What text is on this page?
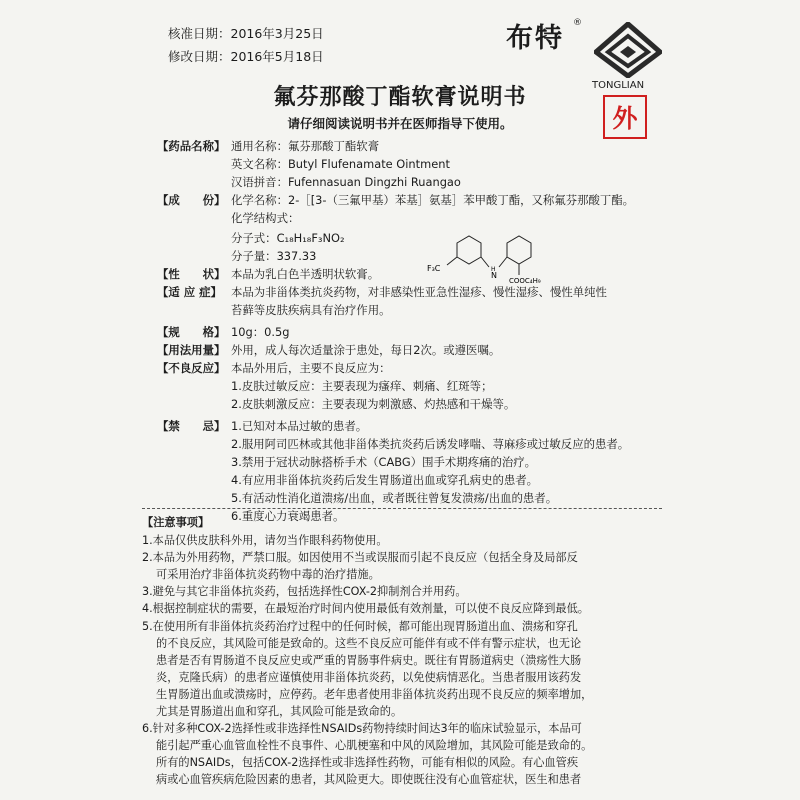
核准日期：2016年3月25日
修改日期：2016年5月18日
布特 ®
TONGLIAN
外
氟芬那酸丁酯软膏说明书
请仔细阅读说明书并在医师指导下使用。
【药品名称】 通用名称：氟芬那酸丁酯软膏
英文名称：Butyl Flufenamate Ointment
汉语拼音：Fufennasuan Dingzhi Ruangao
【成　　份】 化学名称：2-［[3-（三氟甲基）苯基］氨基］苯甲酸丁酯，又称氟芬那酸丁酯。
化学结构式：
分子式：C₁₈H₁₈F₃NO₂
分子量：337.33
F₃C	H
N
COOC₄H₉
【性　　状】 本品为乳白色半透明状软膏。
【适 应 症】 本品为非甾体类抗炎药物，对非感染性亚急性湿疹、慢性湿疹、慢性单纯性
苔藓等皮肤疾病具有治疗作用。
【规　　格】 10g：0.5g
【用法用量】 外用，成人每次适量涂于患处，每日2次。或遵医嘱。
【不良反应】 本品外用后，主要不良反应为：
1.皮肤过敏反应：主要表现为瘙痒、刺痛、红斑等；
2.皮肤刺激反应：主要表现为刺激感、灼热感和干燥等。
【禁　　忌】 1.已知对本品过敏的患者。
2.服用阿司匹林或其他非甾体类抗炎药后诱发哮喘、荨麻疹或过敏反应的患者。
3.禁用于冠状动脉搭桥手术（CABG）围手术期疼痛的治疗。
4.有应用非甾体抗炎药后发生胃肠道出血或穿孔病史的患者。
5.有活动性消化道溃疡/出血，或者既往曾复发溃疡/出血的患者。
6.重度心力衰竭患者。
【注意事项】
1.本品仅供皮肤科外用，请勿当作眼科药物使用。
2.本品为外用药物，严禁口服。如因使用不当或误服而引起不良反应（包括全身及局部反
可采用治疗非甾体抗炎药物中毒的治疗措施。
3.避免与其它非甾体抗炎药，包括选择性COX-2抑制剂合并用药。
4.根据控制症状的需要，在最短治疗时间内使用最低有效剂量，可以使不良反应降到最低。
5.在使用所有非甾体抗炎药治疗过程中的任何时候，都可能出现胃肠道出血、溃疡和穿孔
的不良反应，其风险可能是致命的。这些不良反应可能伴有或不伴有警示症状，也无论
患者是否有胃肠道不良反应史或严重的胃肠事件病史。既往有胃肠道病史（溃疡性大肠
炎，克隆氏病）的患者应谨慎使用非甾体抗炎药，以免使病情恶化。当患者服用该药发
生胃肠道出血或溃疡时，应停药。老年患者使用非甾体抗炎药出现不良反应的频率增加，
尤其是胃肠道出血和穿孔，其风险可能是致命的。
6.针对多种COX-2选择性或非选择性NSAIDs药物持续时间达3年的临床试验显示，本品可
能引起严重心血管血栓性不良事件、心肌梗塞和中风的风险增加，其风险可能是致命的。
所有的NSAIDs，包括COX-2选择性或非选择性药物，可能有相似的风险。有心血管疾
病或心血管疾病危险因素的患者，其风险更大。即使既往没有心血管症状，医生和患者
